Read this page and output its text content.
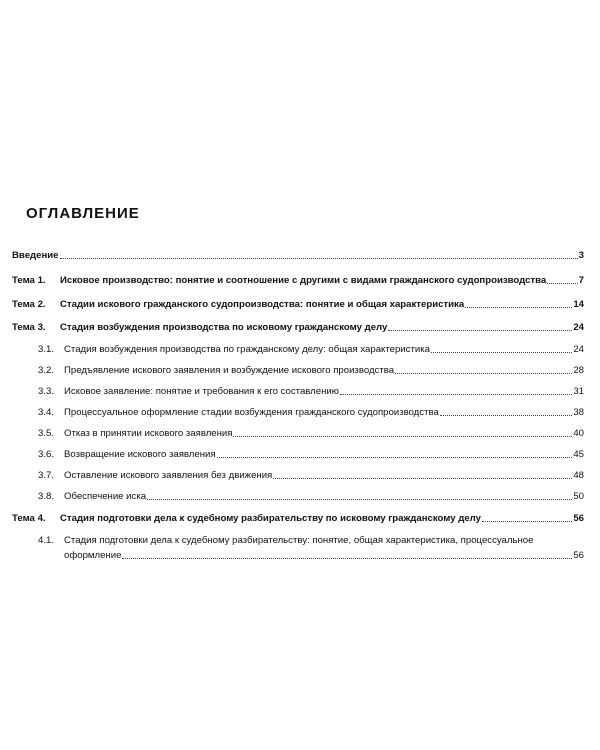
ОГЛАВЛЕНИЕ
Введение	3
Тема 1.	Исковое производство: понятие и соотношение с другими с видами гражданского судопроизводства	7
Тема 2.	Стадии искового гражданского судопроизводства: понятие и общая характеристика	14
Тема 3.	Стадия возбуждения производства по исковому гражданскому делу	24
3.1.	Стадия возбуждения производства по гражданскому делу: общая характеристика	24
3.2.	Предъявление искового заявления и возбуждение искового производства	28
3.3.	Исковое заявление: понятие и требования к его составлению	31
3.4.	Процессуальное оформление стадии возбуждения гражданского судопроизводства	38
3.5.	Отказ в принятии искового заявления	40
3.6.	Возвращение искового заявления	45
3.7.	Оставление искового заявления без движения	48
3.8.	Обеспечение иска	50
Тема 4.	Стадия подготовки дела к судебному разбирательству по исковому гражданскому делу	56
4.1.	Стадия подготовки дела к судебному разбирательству: понятие, общая характеристика, процессуальное
оформление	56
